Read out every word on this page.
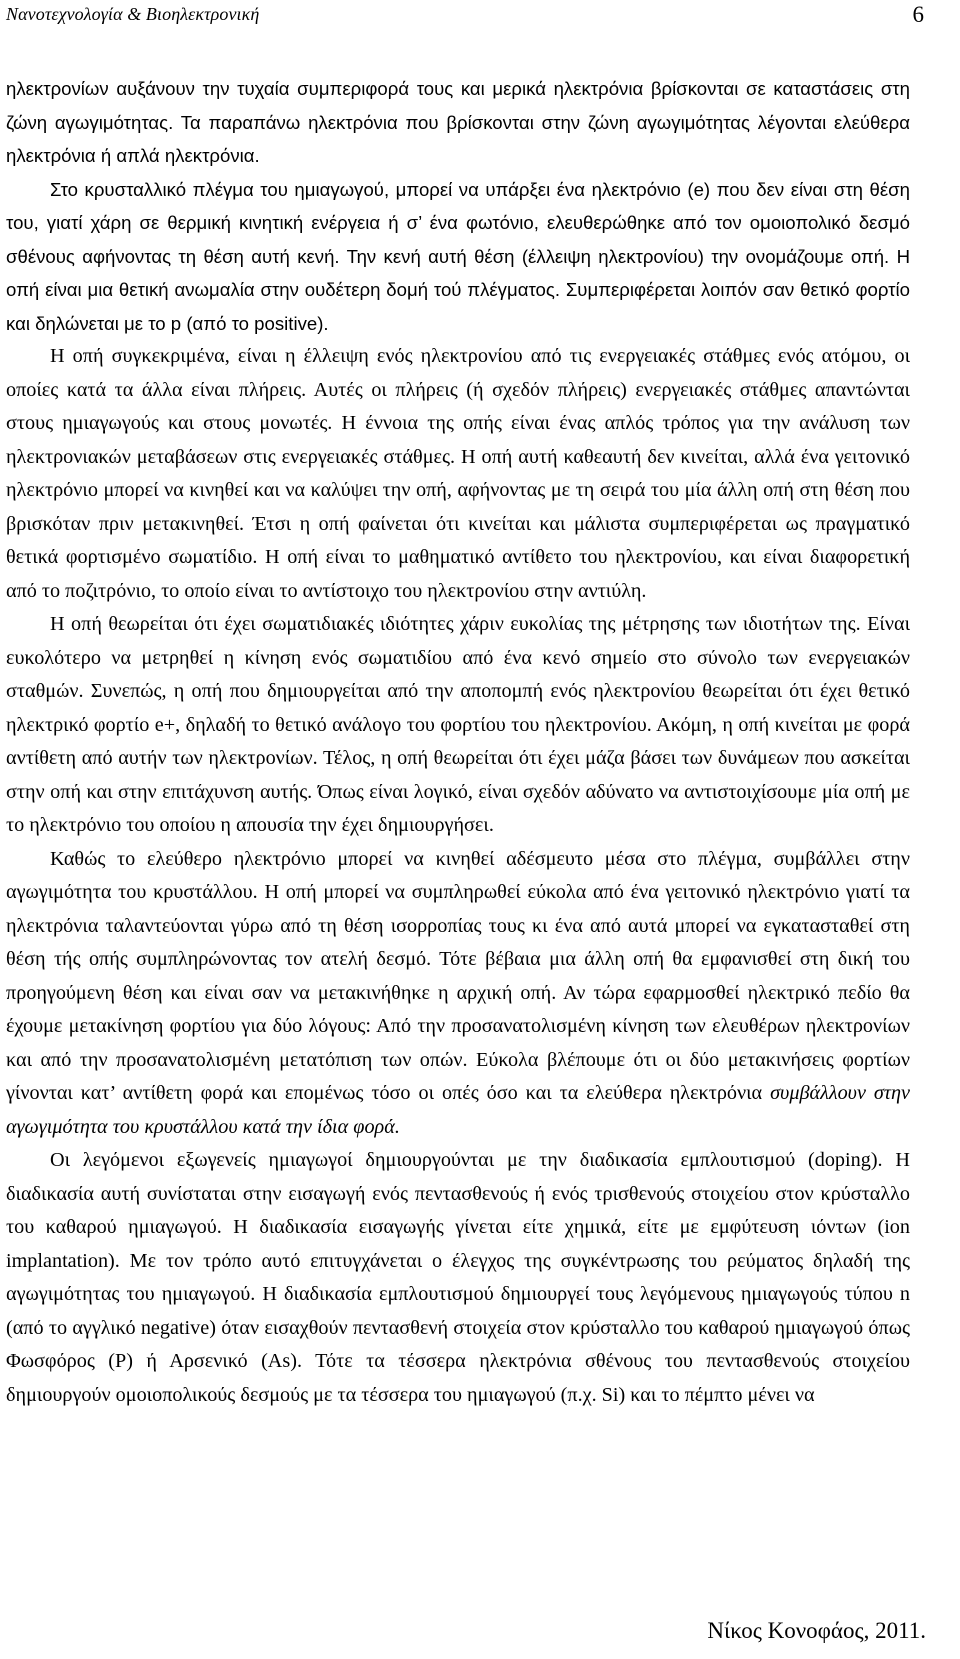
Νανοτεχνολογία & Βιοηλεκτρονική	6

ηλεκτρονίων αυξάνουν την τυχαία συμπεριφορά τους και μερικά ηλεκτρόνια βρίσκονται σε καταστάσεις στη ζώνη αγωγιμότητας. Τα παραπάνω ηλεκτρόνια που βρίσκονται στην ζώνη αγωγιμότητας λέγονται ελεύθερα ηλεκτρόνια ή απλά ηλεκτρόνια.

Στο κρυσταλλικό πλέγμα του ημιαγωγού, μπορεί να υπάρξει ένα ηλεκτρόνιο (e) που δεν είναι στη θέση του, γιατί χάρη σε θερμική κινητική ενέργεια ή σ’ ένα φωτόνιο, ελευθερώθηκε από τον ομοιοπολικό δεσμό σθένους αφήνοντας τη θέση αυτή κενή. Την κενή αυτή θέση (έλλειψη ηλεκτρονίου) την ονομάζουμε οπή. Η οπή είναι μια θετική ανωμαλία στην ουδέτερη δομή τού πλέγματος. Συμπεριφέρεται λοιπόν σαν θετικό φορτίο και δηλώνεται με το p (από το positive).

Η οπή συγκεκριμένα, είναι η έλλειψη ενός ηλεκτρονίου από τις ενεργειακές στάθμες ενός ατόμου, οι οποίες κατά τα άλλα είναι πλήρεις. Αυτές οι πλήρεις (ή σχεδόν πλήρεις) ενεργειακές στάθμες απαντώνται στους ημιαγωγούς και στους μονωτές. Η έννοια της οπής είναι ένας απλός τρόπος για την ανάλυση των ηλεκτρονιακών μεταβάσεων στις ενεργειακές στάθμες. Η οπή αυτή καθεαυτή δεν κινείται, αλλά ένα γειτονικό ηλεκτρόνιο μπορεί να κινηθεί και να καλύψει την οπή, αφήνοντας με τη σειρά του μία άλλη οπή στη θέση που βρισκόταν πριν μετακινηθεί. Έτσι η οπή φαίνεται ότι κινείται και μάλιστα συμπεριφέρεται ως πραγματικό θετικά φορτισμένο σωματίδιο. Η οπή είναι το μαθηματικό αντίθετο του ηλεκτρονίου, και είναι διαφορετική από το ποζιτρόνιο, το οποίο είναι το αντίστοιχο του ηλεκτρονίου στην αντιύλη.

Η οπή θεωρείται ότι έχει σωματιδιακές ιδιότητες χάριν ευκολίας της μέτρησης των ιδιοτήτων της. Είναι ευκολότερο να μετρηθεί η κίνηση ενός σωματιδίου από ένα κενό σημείο στο σύνολο των ενεργειακών σταθμών. Συνεπώς, η οπή που δημιουργείται από την αποπομπή ενός ηλεκτρονίου θεωρείται ότι έχει θετικό ηλεκτρικό φορτίο e+, δηλαδή το θετικό ανάλογο του φορτίου του ηλεκτρονίου. Ακόμη, η οπή κινείται με φορά αντίθετη από αυτήν των ηλεκτρονίων. Τέλος, η οπή θεωρείται ότι έχει μάζα βάσει των δυνάμεων που ασκείται στην οπή και στην επιτάχυνση αυτής. Όπως είναι λογικό, είναι σχεδόν αδύνατο να αντιστοιχίσουμε μία οπή με το ηλεκτρόνιο του οποίου η απουσία την έχει δημιουργήσει.

Καθώς το ελεύθερο ηλεκτρόνιο μπορεί να κινηθεί αδέσμευτο μέσα στο πλέγμα, συμβάλλει στην αγωγιμότητα του κρυστάλλου. Η οπή μπορεί να συμπληρωθεί εύκολα από ένα γειτονικό ηλεκτρόνιο γιατί τα ηλεκτρόνια ταλαντεύονται γύρω από τη θέση ισορροπίας τους κι ένα από αυτά μπορεί να εγκατασταθεί στη θέση τής οπής συμπληρώνοντας τον ατελή δεσμό. Τότε βέβαια μια άλλη οπή θα εμφανισθεί στη δική του προηγούμενη θέση και είναι σαν να μετακινήθηκε η αρχική οπή. Αν τώρα εφαρμοσθεί ηλεκτρικό πεδίο θα έχουμε μετακίνηση φορτίου για δύο λόγους: Από την προσανατολισμένη κίνηση των ελευθέρων ηλεκτρονίων και από την προσανατολισμένη μετατόπιση των οπών. Εύκολα βλέπουμε ότι οι δύο μετακινήσεις φορτίων γίνονται κατ’ αντίθετη φορά και επομένως τόσο οι οπές όσο και τα ελεύθερα ηλεκτρόνια συμβάλλουν στην αγωγιμότητα του κρυστάλλου κατά την ίδια φορά.

Οι λεγόμενοι εξωγενείς ημιαγωγοί δημιουργούνται με την διαδικασία εμπλουτισμού (doping). Η διαδικασία αυτή συνίσταται στην εισαγωγή ενός πεντασθενούς ή ενός τρισθενούς στοιχείου στον κρύσταλλο του καθαρού ημιαγωγού. Η διαδικασία εισαγωγής γίνεται είτε χημικά, είτε με εμφύτευση ιόντων (ion implantation). Με τον τρόπο αυτό επιτυγχάνεται ο έλεγχος της συγκέντρωσης του ρεύματος δηλαδή της αγωγιμότητας του ημιαγωγού. Η διαδικασία εμπλουτισμού δημιουργεί τους λεγόμενους ημιαγωγούς τύπου n (από το αγγλικό negative) όταν εισαχθούν πεντασθενή στοιχεία στον κρύσταλλο του καθαρού ημιαγωγού όπως Φωσφόρος (P) ή Αρσενικό (As). Τότε τα τέσσερα ηλεκτρόνια σθένους του πεντασθενούς στοιχείου δημιουργούν ομοιοπολικούς δεσμούς με τα τέσσερα του ημιαγωγού (π.χ. Si) και το πέμπτο μένει να

Νίκος Κονοφάος, 2011.
